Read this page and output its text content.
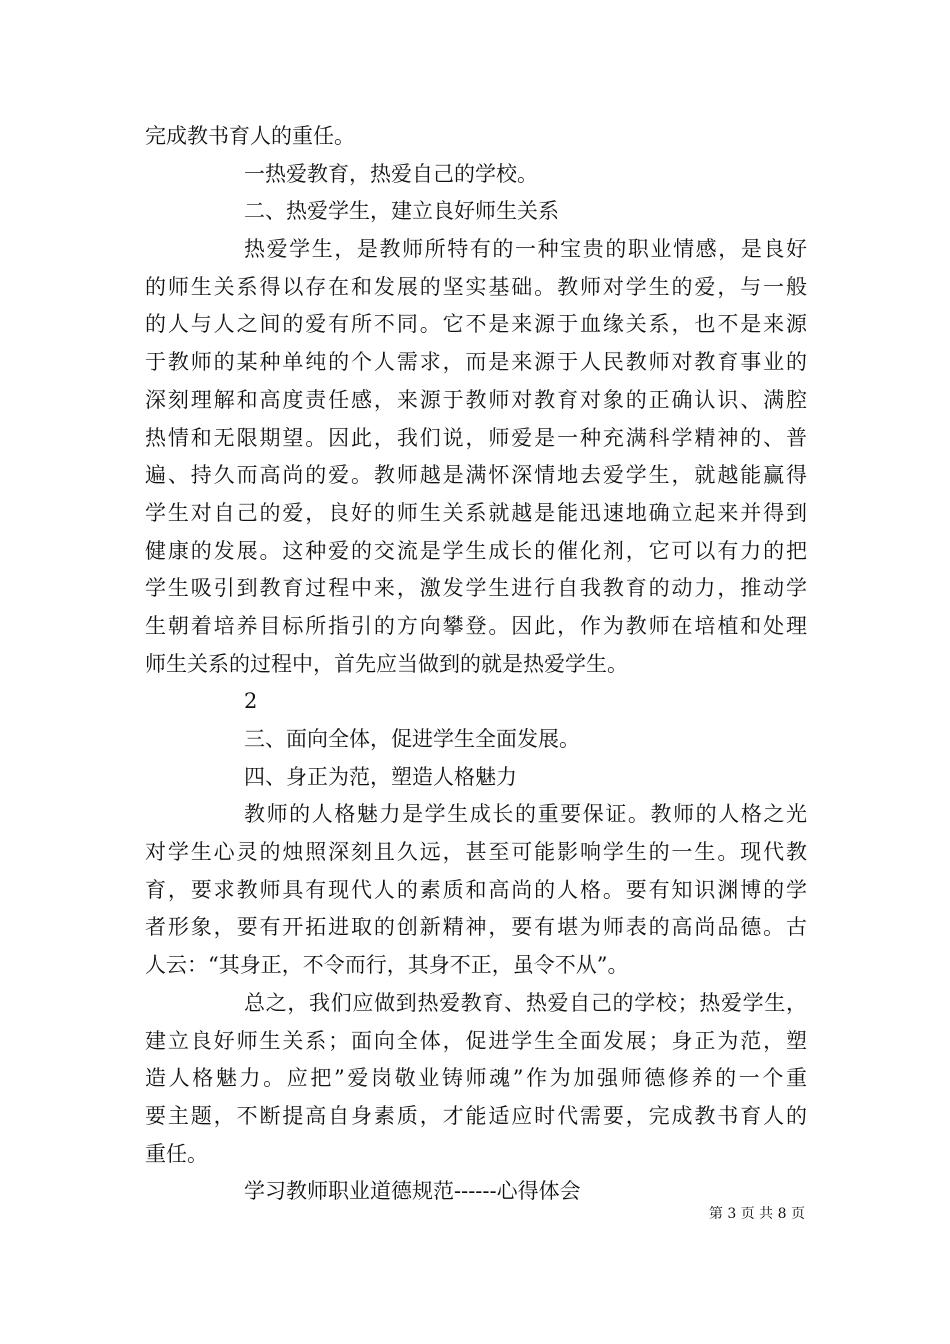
完成教书育人的重任。
一热爱教育，热爱自己的学校。
二、热爱学生，建立良好师生关系
热爱学生，是教师所特有的一种宝贵的职业情感，是良好
的师生关系得以存在和发展的坚实基础。教师对学生的爱，与一般
的人与人之间的爱有所不同。它不是来源于血缘关系，也不是来源
于教师的某种单纯的个人需求，而是来源于人民教师对教育事业的
深刻理解和高度责任感，来源于教师对教育对象的正确认识、满腔
热情和无限期望。因此，我们说，师爱是一种充满科学精神的、普
遍、持久而高尚的爱。教师越是满怀深情地去爱学生，就越能赢得
学生对自己的爱，良好的师生关系就越是能迅速地确立起来并得到
健康的发展。这种爱的交流是学生成长的催化剂，它可以有力的把
学生吸引到教育过程中来，激发学生进行自我教育的动力，推动学
生朝着培养目标所指引的方向攀登。因此，作为教师在培植和处理
师生关系的过程中，首先应当做到的就是热爱学生。
2
三、面向全体，促进学生全面发展。
四、身正为范，塑造人格魅力
教师的人格魅力是学生成长的重要保证。教师的人格之光
对学生心灵的烛照深刻且久远，甚至可能影响学生的一生。现代教
育，要求教师具有现代人的素质和高尚的人格。要有知识渊博的学
者形象，要有开拓进取的创新精神，要有堪为师表的高尚品德。古
人云：“其身正，不令而行，其身不正，虽令不从”。
总之，我们应做到热爱教育、热爱自己的学校；热爱学生，
建立良好师生关系；面向全体，促进学生全面发展；身正为范，塑
造人格魅力。应把”爱岗敬业铸师魂”作为加强师德修养的一个重
要主题，不断提高自身素质，才能适应时代需要，完成教书育人的
重任。
学习教师职业道德规范------心得体会
第 3 页 共 8 页
